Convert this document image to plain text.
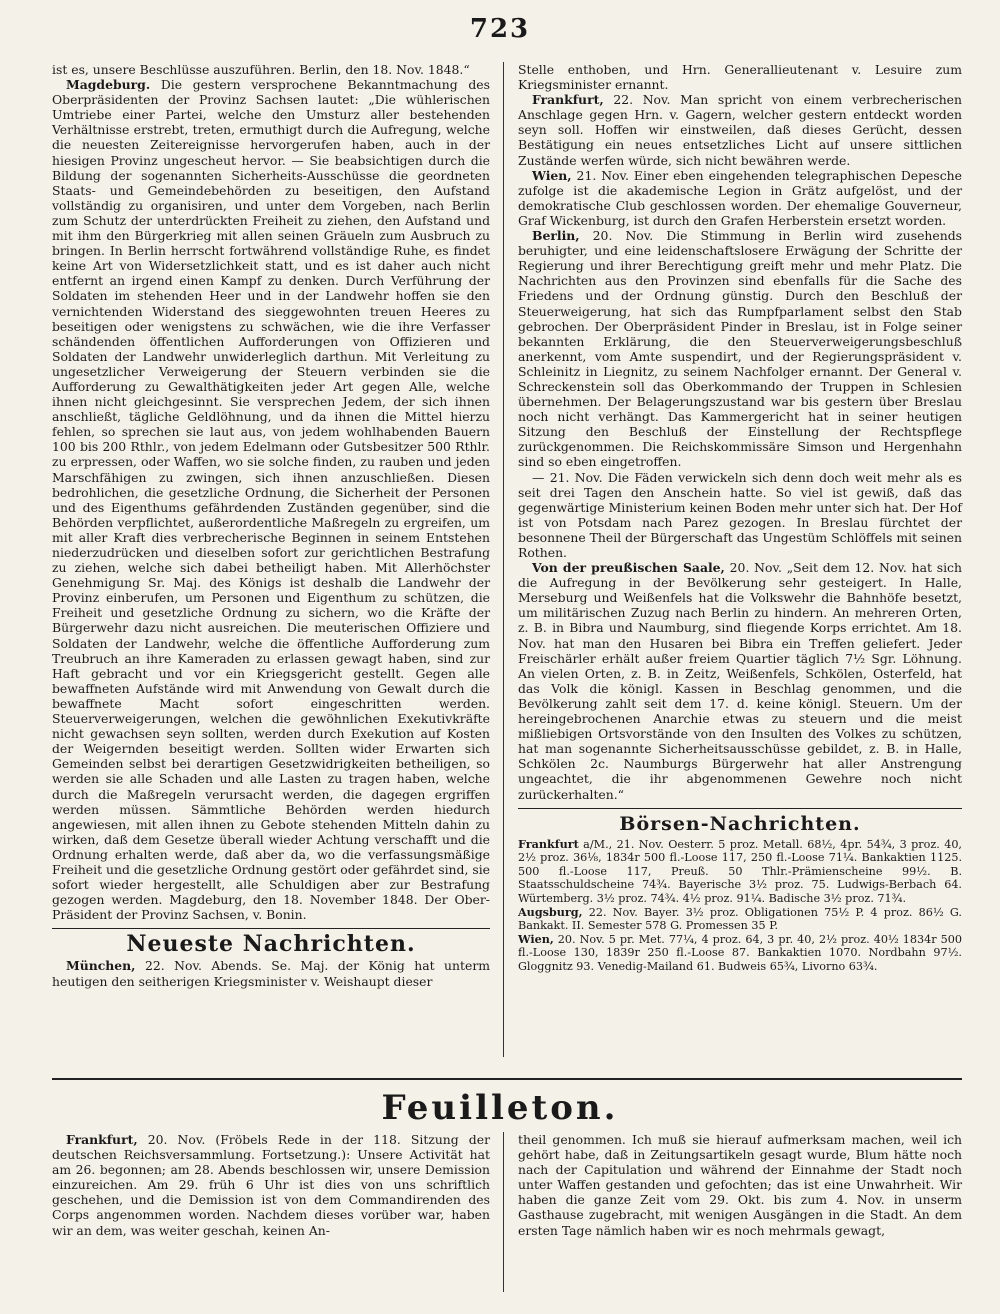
723

ist es, unsere Beschlüsse auszuführen. Berlin, den 18. Nov. 1848.“

Magdeburg. Die gestern versprochene Bekanntmachung des Oberpräsidenten der Provinz Sachsen lautet: „Die wühlerischen Umtriebe einer Partei, welche den Umsturz aller bestehenden Verhältnisse erstrebt, treten, ermuthigt durch die Aufregung, welche die neuesten Zeitereignisse hervorgerufen haben, auch in der hiesigen Provinz ungescheut hervor. — Sie beabsichtigen durch die Bildung der sogenannten Sicherheits-Ausschüsse die geordneten Staats- und Gemeindebehörden zu beseitigen, den Aufstand vollständig zu organisiren, und unter dem Vorgeben, nach Berlin zum Schutz der unterdrückten Freiheit zu ziehen, den Aufstand und mit ihm den Bürgerkrieg mit allen seinen Gräueln zum Ausbruch zu bringen. In Berlin herrscht fortwährend vollständige Ruhe, es findet keine Art von Widersetzlichkeit statt, und es ist daher auch nicht entfernt an irgend einen Kampf zu denken. Durch Verführung der Soldaten im stehenden Heer und in der Landwehr hoffen sie den vernichtenden Widerstand des sieggewohnten treuen Heeres zu beseitigen oder wenigstens zu schwächen, wie die ihre Verfasser schändenden öffentlichen Aufforderungen von Offizieren und Soldaten der Landwehr unwiderleglich darthun. Mit Verleitung zu ungesetzlicher Verweigerung der Steuern verbinden sie die Aufforderung zu Gewalthätigkeiten jeder Art gegen Alle, welche ihnen nicht gleichgesinnt. Sie versprechen Jedem, der sich ihnen anschließt, tägliche Geldlöhnung, und da ihnen die Mittel hierzu fehlen, so sprechen sie laut aus, von jedem wohlhabenden Bauern 100 bis 200 Rthlr., von jedem Edelmann oder Gutsbesitzer 500 Rthlr. zu erpressen, oder Waffen, wo sie solche finden, zu rauben und jeden Marschfähigen zu zwingen, sich ihnen anzuschließen. Diesen bedrohlichen, die gesetzliche Ordnung, die Sicherheit der Personen und des Eigenthums gefährdenden Zuständen gegenüber, sind die Behörden verpflichtet, außerordentliche Maßregeln zu ergreifen, um mit aller Kraft dies verbrecherische Beginnen in seinem Entstehen niederzudrücken und dieselben sofort zur gerichtlichen Bestrafung zu ziehen, welche sich dabei betheiligt haben. Mit Allerhöchster Genehmigung Sr. Maj. des Königs ist deshalb die Landwehr der Provinz einberufen, um Personen und Eigenthum zu schützen, die Freiheit und gesetzliche Ordnung zu sichern, wo die Kräfte der Bürgerwehr dazu nicht ausreichen. Die meuterischen Offiziere und Soldaten der Landwehr, welche die öffentliche Aufforderung zum Treubruch an ihre Kameraden zu erlassen gewagt haben, sind zur Haft gebracht und vor ein Kriegsgericht gestellt. Gegen alle bewaffneten Aufstände wird mit Anwendung von Gewalt durch die bewaffnete Macht sofort eingeschritten werden. Steuerverweigerungen, welchen die gewöhnlichen Exekutivkräfte nicht gewachsen seyn sollten, werden durch Exekution auf Kosten der Weigernden beseitigt werden. Sollten wider Erwarten sich Gemeinden selbst bei derartigen Gesetzwidrigkeiten betheiligen, so werden sie alle Schaden und alle Lasten zu tragen haben, welche durch die Maßregeln verursacht werden, die dagegen ergriffen werden müssen. Sämmtliche Behörden werden hiedurch angewiesen, mit allen ihnen zu Gebote stehenden Mitteln dahin zu wirken, daß dem Gesetze überall wieder Achtung verschafft und die Ordnung erhalten werde, daß aber da, wo die verfassungsmäßige Freiheit und die gesetzliche Ordnung gestört oder gefährdet sind, sie sofort wieder hergestellt, alle Schuldigen aber zur Bestrafung gezogen werden. Magdeburg, den 18. November 1848. Der Ober-Präsident der Provinz Sachsen, v. Bonin.

Neueste Nachrichten.

München, 22. Nov. Abends. Se. Maj. der König hat unterm heutigen den seitherigen Kriegsminister v. Weishaupt dieser

Stelle enthoben, und Hrn. Generallieutenant v. Lesuire zum Kriegsminister ernannt.

Frankfurt, 22. Nov. Man spricht von einem verbrecherischen Anschlage gegen Hrn. v. Gagern, welcher gestern entdeckt worden seyn soll. Hoffen wir einstweilen, daß dieses Gerücht, dessen Bestätigung ein neues entsetzliches Licht auf unsere sittlichen Zustände werfen würde, sich nicht bewähren werde.

Wien, 21. Nov. Einer eben eingehenden telegraphischen Depesche zufolge ist die akademische Legion in Grätz aufgelöst, und der demokratische Club geschlossen worden. Der ehemalige Gouverneur, Graf Wickenburg, ist durch den Grafen Herberstein ersetzt worden.

Berlin, 20. Nov. Die Stimmung in Berlin wird zusehends beruhigter, und eine leidenschaftslosere Erwägung der Schritte der Regierung und ihrer Berechtigung greift mehr und mehr Platz. Die Nachrichten aus den Provinzen sind ebenfalls für die Sache des Friedens und der Ordnung günstig. Durch den Beschluß der Steuerweigerung, hat sich das Rumpfparlament selbst den Stab gebrochen. Der Oberpräsident Pinder in Breslau, ist in Folge seiner bekannten Erklärung, die den Steuerverweigerungsbeschluß anerkennt, vom Amte suspendirt, und der Regierungspräsident v. Schleinitz in Liegnitz, zu seinem Nachfolger ernannt. Der General v. Schreckenstein soll das Oberkommando der Truppen in Schlesien übernehmen. Der Belagerungszustand war bis gestern über Breslau noch nicht verhängt. Das Kammergericht hat in seiner heutigen Sitzung den Beschluß der Einstellung der Rechtspflege zurückgenommen. Die Reichskommissäre Simson und Hergenhahn sind so eben eingetroffen.

— 21. Nov. Die Fäden verwickeln sich denn doch weit mehr als es seit drei Tagen den Anschein hatte. So viel ist gewiß, daß das gegenwärtige Ministerium keinen Boden mehr unter sich hat. Der Hof ist von Potsdam nach Parez gezogen. In Breslau fürchtet der besonnene Theil der Bürgerschaft das Ungestüm Schlöffels mit seinen Rothen.

Von der preußischen Saale, 20. Nov. „Seit dem 12. Nov. hat sich die Aufregung in der Bevölkerung sehr gesteigert. In Halle, Merseburg und Weißenfels hat die Volkswehr die Bahnhöfe besetzt, um militärischen Zuzug nach Berlin zu hindern. An mehreren Orten, z. B. in Bibra und Naumburg, sind fliegende Korps errichtet. Am 18. Nov. hat man den Husaren bei Bibra ein Treffen geliefert. Jeder Freischärler erhält außer freiem Quartier täglich 7½ Sgr. Löhnung. An vielen Orten, z. B. in Zeitz, Weißenfels, Schkölen, Osterfeld, hat das Volk die königl. Kassen in Beschlag genommen, und die Bevölkerung zahlt seit dem 17. d. keine königl. Steuern. Um der hereingebrochenen Anarchie etwas zu steuern und die meist mißliebigen Ortsvorstände von den Insulten des Volkes zu schützen, hat man sogenannte Sicherheitsausschüsse gebildet, z. B. in Halle, Schkölen 2c. Naumburgs Bürgerwehr hat aller Anstrengung ungeachtet, die ihr abgenommenen Gewehre noch nicht zurückerhalten.“

Börsen-Nachrichten.

Frankfurt a/M., 21. Nov. Oesterr. 5 proz. Metall. 68½, 4pr. 54¾, 3 proz. 40, 2½ proz. 36⅛, 1834r 500 fl.-Loose 117, 250 fl.-Loose 71¼. Bankaktien 1125. 500 fl.-Loose 117, Preuß. 50 Thlr.-Prämienscheine 99½. B. Staatsschuldscheine 74¾. Bayerische 3½ proz. 75. Ludwigs-Berbach 64. Würtemberg. 3½ proz. 74¾. 4½ proz. 91¼. Badische 3½ proz. 71¾.

Augsburg, 22. Nov. Bayer. 3½ proz. Obligationen 75½ P. 4 proz. 86½ G. Bankakt. II. Semester 578 G. Promessen 35 P.

Wien, 20. Nov. 5 pr. Met. 77¼, 4 proz. 64, 3 pr. 40, 2½ proz. 40½ 1834r 500 fl.-Loose 130, 1839r 250 fl.-Loose 87. Bankaktien 1070. Nordbahn 97½. Gloggnitz 93. Venedig-Mailand 61. Budweis 65¾, Livorno 63¾.

Feuilleton.

Frankfurt, 20. Nov. (Fröbels Rede in der 118. Sitzung der deutschen Reichsversammlung. Fortsetzung.): Unsere Activität hat am 26. begonnen; am 28. Abends beschlossen wir, unsere Demission einzureichen. Am 29. früh 6 Uhr ist dies von uns schriftlich geschehen, und die Demission ist von dem Commandirenden des Corps angenommen worden. Nachdem dieses vorüber war, haben wir an dem, was weiter geschah, keinen An-

theil genommen. Ich muß sie hierauf aufmerksam machen, weil ich gehört habe, daß in Zeitungsartikeln gesagt wurde, Blum hätte noch nach der Capitulation und während der Einnahme der Stadt noch unter Waffen gestanden und gefochten; das ist eine Unwahrheit. Wir haben die ganze Zeit vom 29. Okt. bis zum 4. Nov. in unserm Gasthause zugebracht, mit wenigen Ausgängen in die Stadt. An dem ersten Tage nämlich haben wir es noch mehrmals gewagt,
